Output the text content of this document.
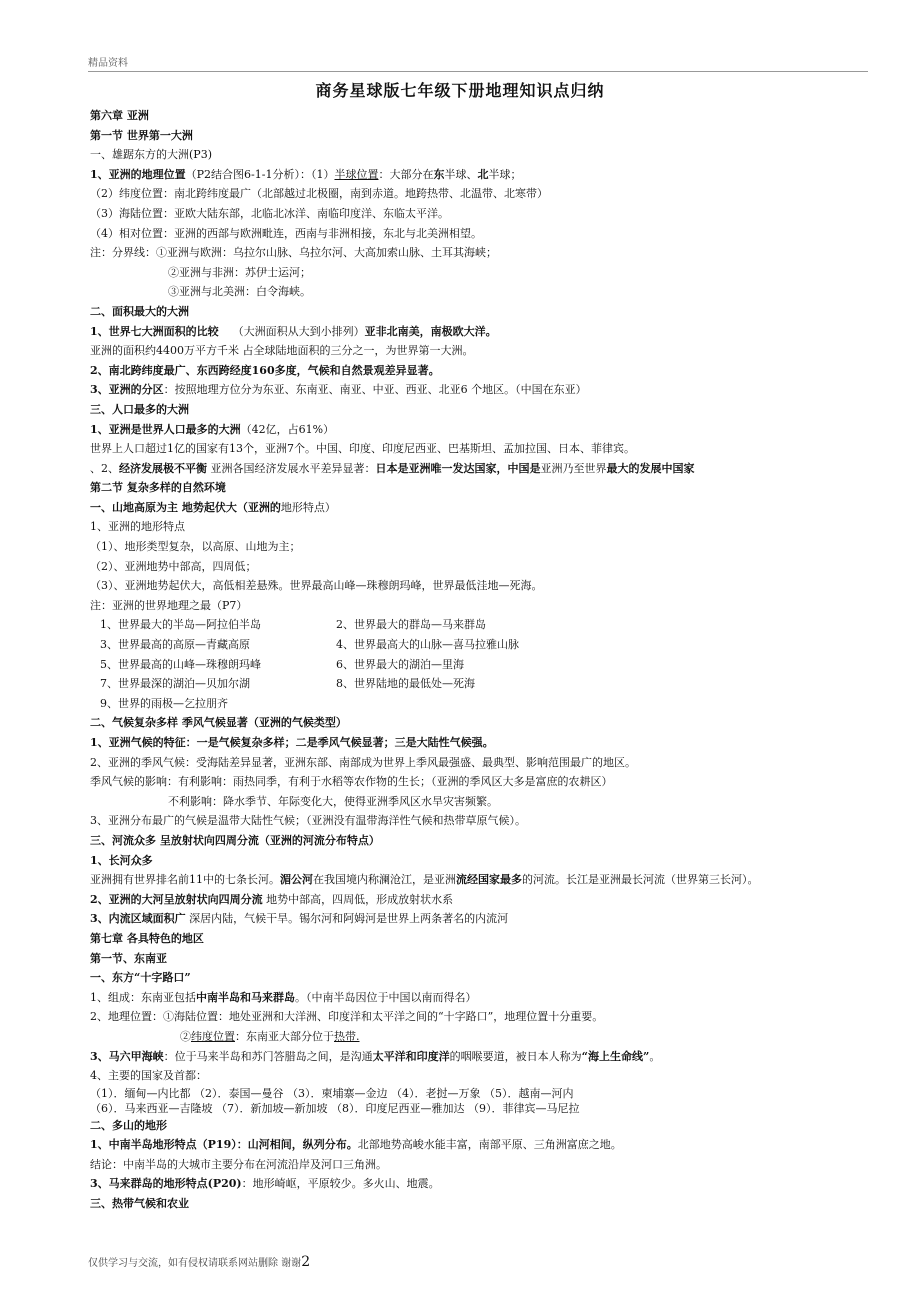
精品资料
商务星球版七年级下册地理知识点归纳
第六章 亚洲
第一节 世界第一大洲
一、雄踞东方的大洲(P3)
1、亚洲的地理位置（P2结合图6-1-1分析）：（1）半球位置：大部分在东半球、北半球；
（2）纬度位置：南北跨纬度最广（北部越过北极圈，南到赤道。地跨热带、北温带、北寒带）
（3）海陆位置：亚欧大陆东部，北临北冰洋、南临印度洋、东临太平洋。
（4）相对位置：亚洲的西部与欧洲毗连，西南与非洲相接，东北与北美洲相望。
注：分界线：①亚洲与欧洲：乌拉尔山脉、乌拉尔河、大高加索山脉、土耳其海峡；
②亚洲与非洲：苏伊士运河；
③亚洲与北美洲：白令海峡。
二、面积最大的大洲
1、世界七大洲面积的比较 （大洲面积从大到小排列）亚非北南美，南极欧大洋。
亚洲的面积约4400万平方千米 占全球陆地面积的三分之一，为世界第一大洲。
2、南北跨纬度最广、东西跨经度160多度，气候和自然景观差异显著。
3、亚洲的分区：按照地理方位分为东亚、东南亚、南亚、中亚、西亚、北亚6 个地区。（中国在东亚）
三、人口最多的大洲
1、亚洲是世界人口最多的大洲（42亿，占61%）
世界上人口超过1亿的国家有13个，亚洲7个。中国、印度、印度尼西亚、巴基斯坦、孟加拉国、日本、菲律宾。
、2、经济发展极不平衡 亚洲各国经济发展水平差异显著：日本是亚洲唯一发达国家，中国是亚洲乃至世界最大的发展中国家
第二节 复杂多样的自然环境
一、山地高原为主 地势起伏大（亚洲的地形特点）
1、亚洲的地形特点
（1）、地形类型复杂，以高原、山地为主；
（2）、亚洲地势中部高，四周低；
（3）、亚洲地势起伏大，高低相差悬殊。世界最高山峰—珠穆朗玛峰，世界最低洼地—死海。
注：亚洲的世界地理之最（P7）
1、世界最大的半岛—阿拉伯半岛	2、世界最大的群岛—马来群岛
3、世界最高的高原—青藏高原	4、世界最高大的山脉—喜马拉雅山脉
5、世界最高的山峰—珠穆朗玛峰	6、世界最大的湖泊—里海
7、世界最深的湖泊—贝加尔湖	8、世界陆地的最低处—死海
9、世界的雨极—乞拉朋齐
二、气候复杂多样 季风气候显著（亚洲的气候类型）
1、亚洲气候的特征：一是气候复杂多样；二是季风气候显著；三是大陆性气候强。
2、亚洲的季风气候：受海陆差异显著，亚洲东部、南部成为世界上季风最强盛、最典型、影响范围最广的地区。
季风气候的影响：有利影响：雨热同季，有利于水稻等农作物的生长；（亚洲的季风区大多是富庶的农耕区）
不利影响：降水季节、年际变化大，使得亚洲季风区水旱灾害频繁。
3、亚洲分布最广的气候是温带大陆性气候；（亚洲没有温带海洋性气候和热带草原气候）。
三、河流众多 呈放射状向四周分流（亚洲的河流分布特点）
1、长河众多
亚洲拥有世界排名前11中的七条长河。湄公河在我国境内称澜沧江，是亚洲流经国家最多的河流。长江是亚洲最长河流（世界第三长河）。
2、亚洲的大河呈放射状向四周分流 地势中部高，四周低，形成放射状水系
3、内流区域面积广 深居内陆，气候干旱。锡尔河和阿姆河是世界上两条著名的内流河
第七章 各具特色的地区
第一节、东南亚
一、东方“十字路口”
1、组成：东南亚包括中南半岛和马来群岛。（中南半岛因位于中国以南而得名）
2、地理位置：①海陆位置：地处亚洲和大洋洲、印度洋和太平洋之间的“十字路口”，地理位置十分重要。
②纬度位置：东南亚大部分位于热带.
3、马六甲海峡：位于马来半岛和苏门答腊岛之间，是沟通太平洋和印度洋的咽喉要道，被日本人称为“海上生命线”。
4、主要的国家及首都：
（1）．缅甸—内比都 （2）．泰国—曼谷 （3）．柬埔寨—金边 （4）．老挝—万象 （5）．越南—河内
（6）．马来西亚—吉隆坡 （7）．新加坡—新加坡 （8）．印度尼西亚—雅加达 （9）．菲律宾—马尼拉
二、多山的地形
1、中南半岛地形特点（P19）：山河相间，纵列分布。北部地势高峻水能丰富，南部平原、三角洲富庶之地。
结论：中南半岛的大城市主要分布在河流沿岸及河口三角洲。
3、马来群岛的地形特点(P20)：地形崎岖，平原较少。多火山、地震。
三、热带气候和农业
仅供学习与交流，如有侵权请联系网站删除 谢谢2
